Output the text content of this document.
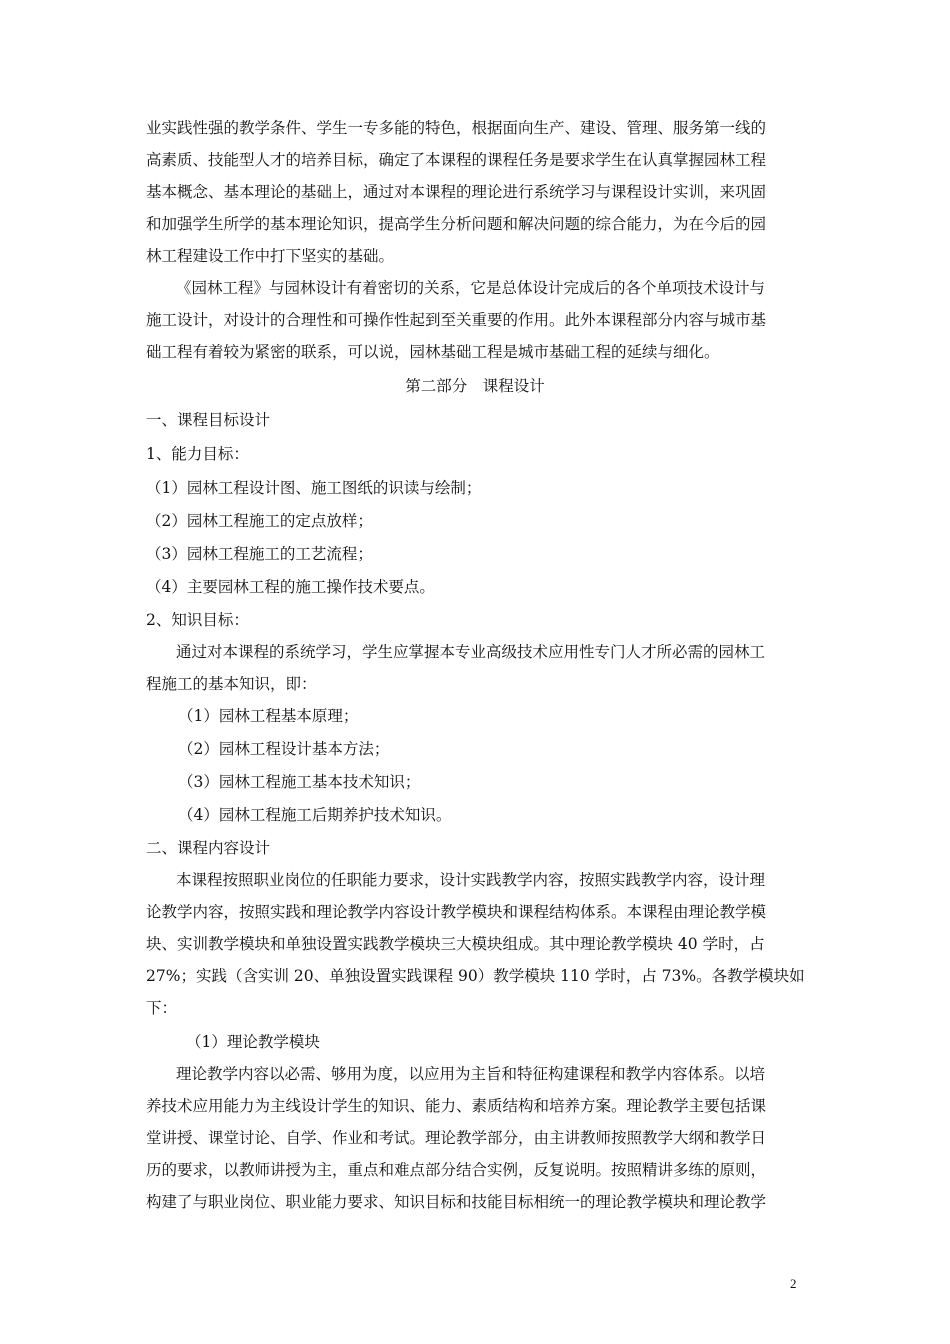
业实践性强的教学条件、学生一专多能的特色，根据面向生产、建设、管理、服务第一线的

高素质、技能型人才的培养目标，确定了本课程的课程任务是要求学生在认真掌握园林工程

基本概念、基本理论的基础上，通过对本课程的理论进行系统学习与课程设计实训，来巩固

和加强学生所学的基本理论知识，提高学生分析问题和解决问题的综合能力，为在今后的园

林工程建设工作中打下坚实的基础。

《园林工程》与园林设计有着密切的关系，它是总体设计完成后的各个单项技术设计与

施工设计，对设计的合理性和可操作性起到至关重要的作用。此外本课程部分内容与城市基

础工程有着较为紧密的联系，可以说，园林基础工程是城市基础工程的延续与细化。

第二部分　课程设计

一、课程目标设计

1、能力目标：

（1）园林工程设计图、施工图纸的识读与绘制；

（2）园林工程施工的定点放样；

（3）园林工程施工的工艺流程；

（4）主要园林工程的施工操作技术要点。

2、知识目标：

通过对本课程的系统学习，学生应掌握本专业高级技术应用性专门人才所必需的园林工

程施工的基本知识，即：

（1）园林工程基本原理；

（2）园林工程设计基本方法；

（3）园林工程施工基本技术知识；

（4）园林工程施工后期养护技术知识。

二、课程内容设计

本课程按照职业岗位的任职能力要求，设计实践教学内容，按照实践教学内容，设计理

论教学内容，按照实践和理论教学内容设计教学模块和课程结构体系。本课程由理论教学模

块、实训教学模块和单独设置实践教学模块三大模块组成。其中理论教学模块 40 学时，占

27%；实践（含实训 20、单独设置实践课程 90）教学模块 110 学时，占 73%。各教学模块如

下：

（1）理论教学模块

理论教学内容以必需、够用为度，以应用为主旨和特征构建课程和教学内容体系。以培

养技术应用能力为主线设计学生的知识、能力、素质结构和培养方案。理论教学主要包括课

堂讲授、课堂讨论、自学、作业和考试。理论教学部分，由主讲教师按照教学大纲和教学日

历的要求，以教师讲授为主，重点和难点部分结合实例，反复说明。按照精讲多练的原则，

构建了与职业岗位、职业能力要求、知识目标和技能目标相统一的理论教学模块和理论教学

2
